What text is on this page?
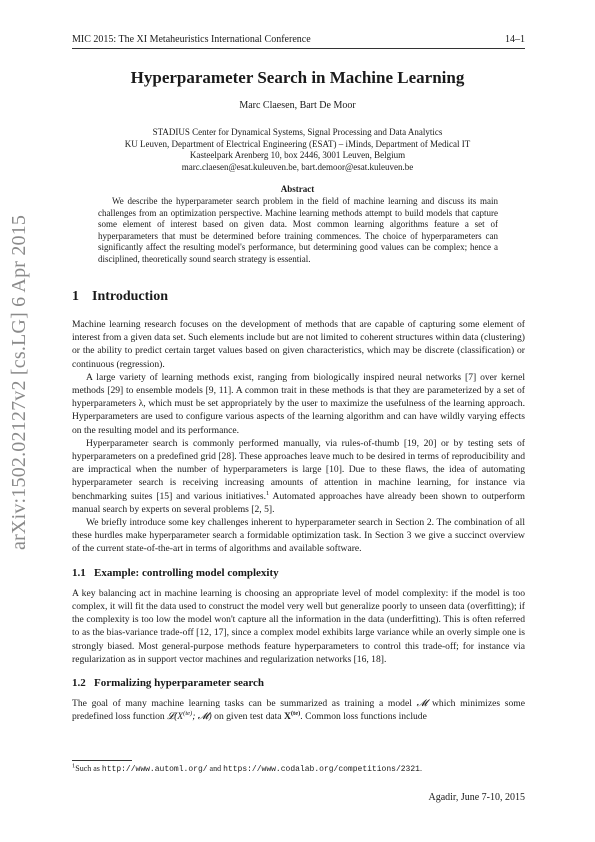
MIC 2015: The XI Metaheuristics International Conference	14–1
arXiv:1502.02127v2 [cs.LG] 6 Apr 2015
Hyperparameter Search in Machine Learning
Marc Claesen, Bart De Moor
STADIUS Center for Dynamical Systems, Signal Processing and Data Analytics
KU Leuven, Department of Electrical Engineering (ESAT) – iMinds, Department of Medical IT
Kasteelpark Arenberg 10, box 2446, 3001 Leuven, Belgium
marc.claesen@esat.kuleuven.be, bart.demoor@esat.kuleuven.be
Abstract
We describe the hyperparameter search problem in the field of machine learning and discuss its main challenges from an optimization perspective. Machine learning methods attempt to build models that capture some element of interest based on given data. Most common learning algorithms feature a set of hyperparameters that must be determined before training commences. The choice of hyperparameters can significantly affect the resulting model's performance, but determining good values can be complex; hence a disciplined, theoretically sound search strategy is essential.
1 Introduction

Machine learning research focuses on the development of methods that are capable of capturing some element of interest from a given data set. Such elements include but are not limited to coherent structures within data (clustering) or the ability to predict certain target values based on given characteristics, which may be discrete (classification) or continuous (regression).

A large variety of learning methods exist, ranging from biologically inspired neural networks [7] over kernel methods [29] to ensemble models [9, 11]. A common trait in these methods is that they are parameterized by a set of hyperparameters λ, which must be set appropriately by the user to maximize the usefulness of the learning approach. Hyperparameters are used to configure various aspects of the learning algorithm and can have wildly varying effects on the resulting model and its performance.

Hyperparameter search is commonly performed manually, via rules-of-thumb [19, 20] or by testing sets of hyperparameters on a predefined grid [28]. These approaches leave much to be desired in terms of reproducibility and are impractical when the number of hyperparameters is large [10]. Due to these flaws, the idea of automating hyperparameter search is receiving increasing amounts of attention in machine learning, for instance via benchmarking suites [15] and various initiatives.$^1$ Automated approaches have already been shown to outperform manual search by experts on several problems [2, 5].

We briefly introduce some key challenges inherent to hyperparameter search in Section 2. The combination of all these hurdles make hyperparameter search a formidable optimization task. In Section 3 we give a succinct overview of the current state-of-the-art in terms of algorithms and available software.

1.1 Example: controlling model complexity

A key balancing act in machine learning is choosing an appropriate level of model complexity: if the model is too complex, it will fit the data used to construct the model very well but generalize poorly to unseen data (overfitting); if the complexity is too low the model won't capture all the information in the data (underfitting). This is often referred to as the bias-variance trade-off [12, 17], since a complex model exhibits large variance while an overly simple one is strongly biased. Most general-purpose methods feature hyperparameters to control this trade-off; for instance via regularization as in support vector machines and regularization networks [16, 18].

1.2 Formalizing hyperparameter search

The goal of many machine learning tasks can be summarized as training a model 𝓜 which minimizes some predefined loss function $𝓛(X^{(te)}$; 𝓜) on given test data $X^{(te)}$. Common loss functions include

$^1$Such as http://www.automl.org/ and https://www.codalab.org/competitions/2321.
Agadir, June 7-10, 2015
